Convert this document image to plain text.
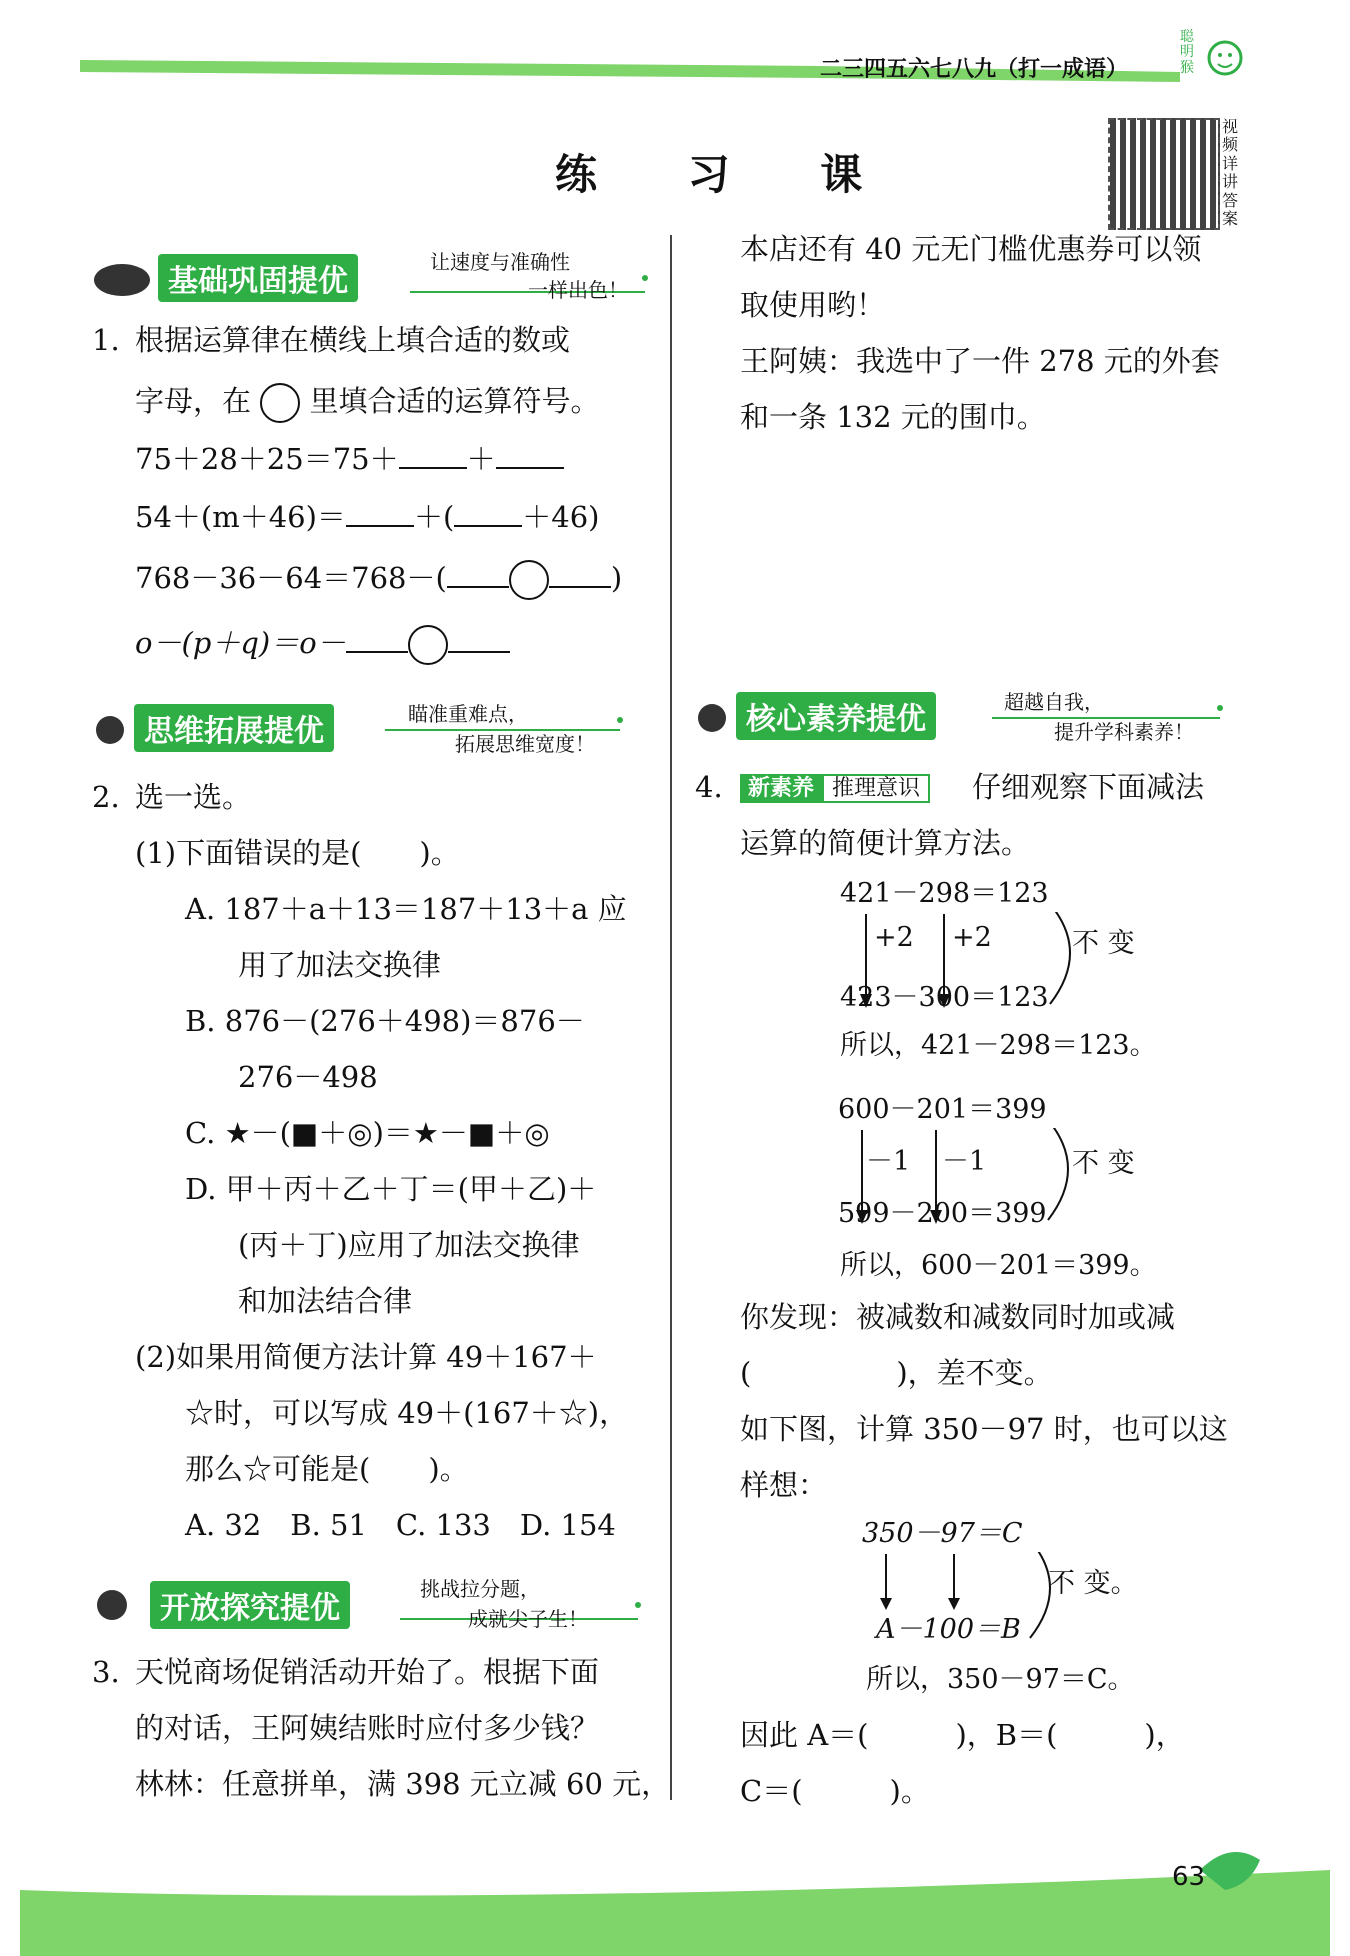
二三四五六七八九（打一成语）
聪明猴
练 习 课
视频详讲答案
基础巩固提优
让速度与准确性
一样出色！
1. 根据运算律在横线上填合适的数或
字母，在 里填合适的运算符号。
75＋28＋25＝75＋ ＋
54＋(m＋46)＝ ＋( ＋46)
768－36－64＝768－(	)
o－(p＋q)＝o－
思维拓展提优	瞄准重难点，
拓展思维宽度！
2. 选一选。
(1)下面错误的是(　　)。
A. 187＋a＋13＝187＋13＋a 应
用了加法交换律
B. 876－(276＋498)＝876－
276－498
C. ★－(■＋◎)＝★－■＋◎
D. 甲＋丙＋乙＋丁＝(甲＋乙)＋
(丙＋丁)应用了加法交换律
和加法结合律
(2)如果用简便方法计算 49＋167＋
☆时，可以写成 49＋(167＋☆)，
那么☆可能是(　　)。
A. 32　B. 51　C. 133　D. 154
开放探究提优
挑战拉分题，
成就尖子生！
3. 天悦商场促销活动开始了。根据下面
的对话，王阿姨结账时应付多少钱？
林林：任意拼单，满 398 元立减 60 元，
本店还有 40 元无门槛优惠券可以领
取使用哟！
王阿姨：我选中了一件 278 元的外套
和一条 132 元的围巾。
核心素养提优	超越自我，
提升学科素养！
4.	新素养 推理意识	仔细观察下面减法
运算的简便计算方法。
421－298＝123
+2 +2	不 变
423－300＝123
所以，421－298＝123。
600－201＝399
－1 －1	不 变
599－200＝399
所以，600－201＝399。
你发现：被减数和减数同时加或减
(　　　　　)，差不变。
如下图，计算 350－97 时，也可以这
样想：
350－97＝C
不 变。
A－100＝B
所以，350－97＝C。
因此 A＝(　　　)，B＝(　　　)，
C＝(　　　)。
63
